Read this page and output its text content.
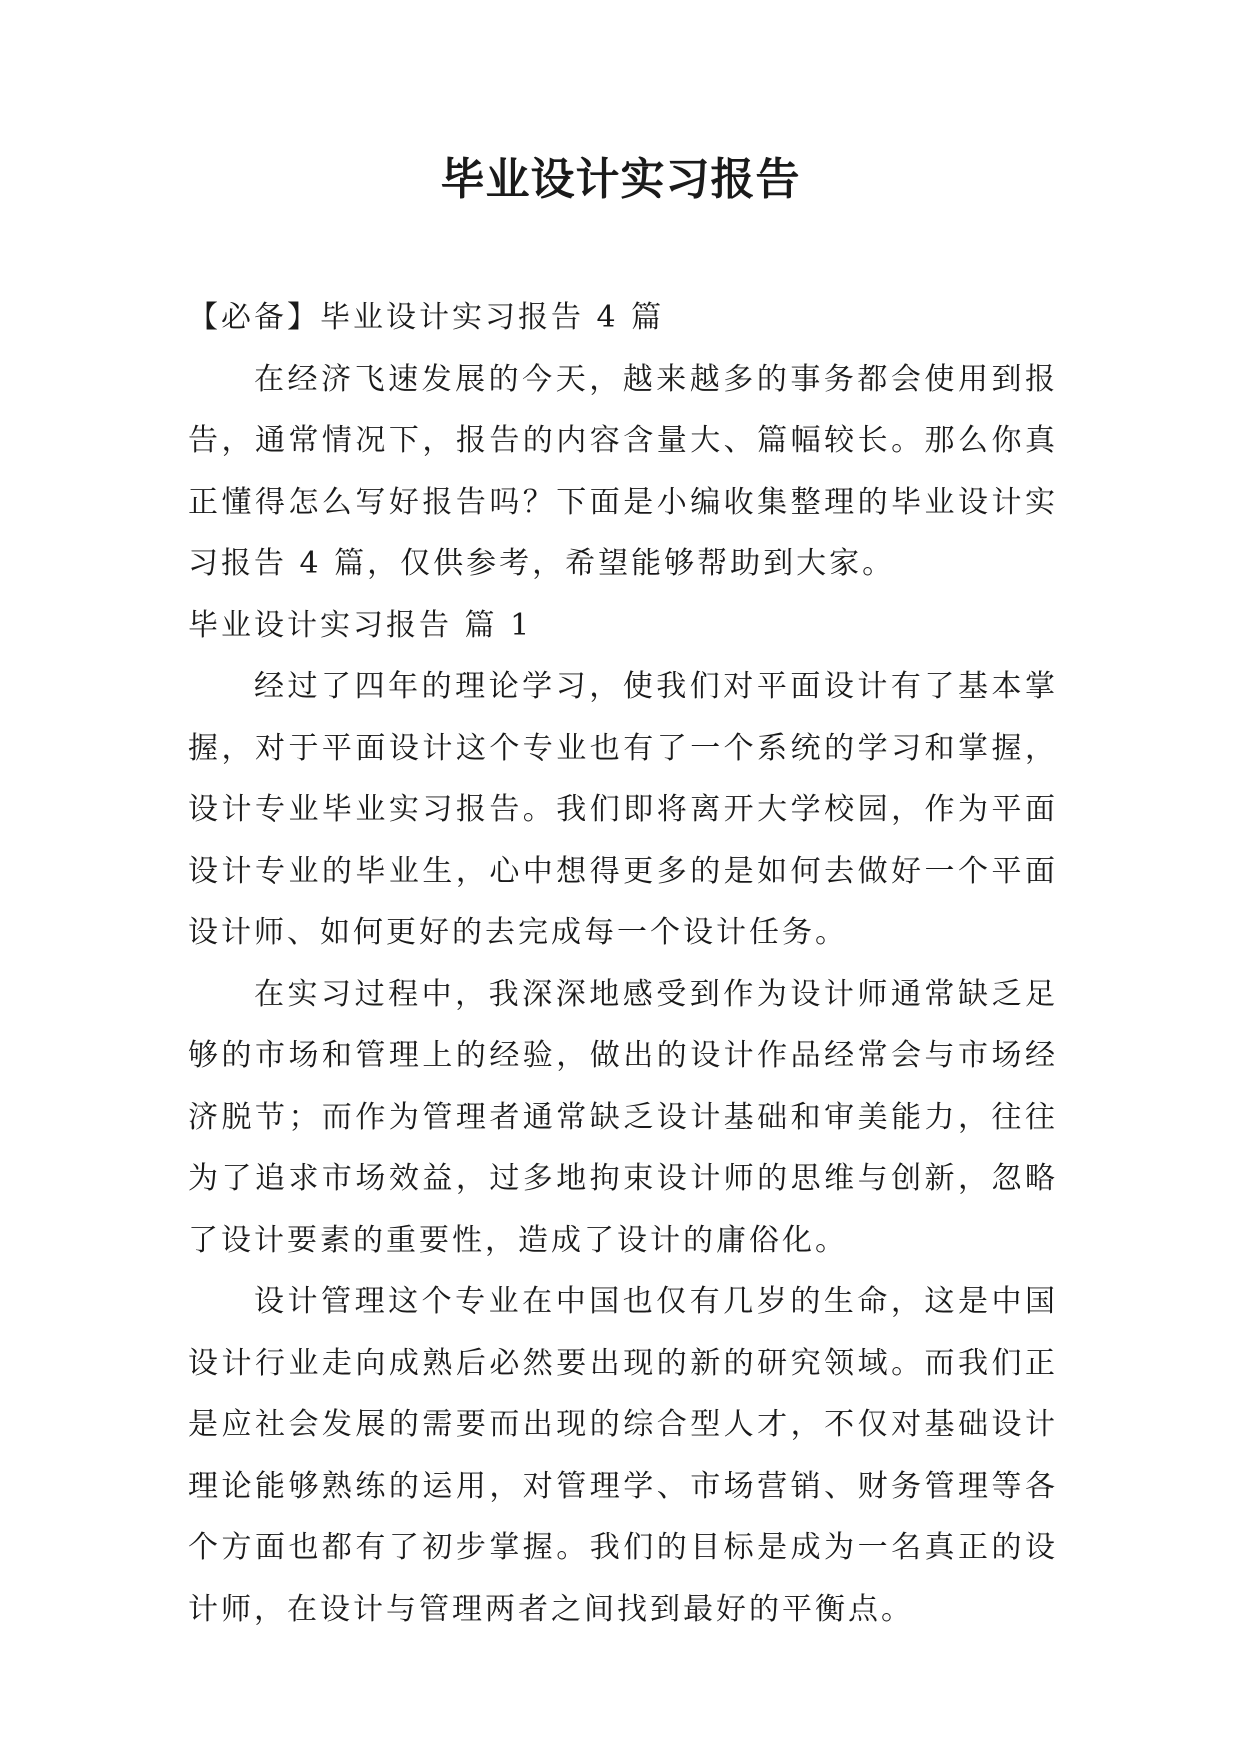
毕业设计实习报告

【必备】毕业设计实习报告 4 篇

在经济飞速发展的今天，越来越多的事务都会使用到报告，通常情况下，报告的内容含量大、篇幅较长。那么你真正懂得怎么写好报告吗？下面是小编收集整理的毕业设计实习报告 4 篇，仅供参考，希望能够帮助到大家。

毕业设计实习报告 篇 1

经过了四年的理论学习，使我们对平面设计有了基本掌握，对于平面设计这个专业也有了一个系统的学习和掌握，设计专业毕业实习报告。我们即将离开大学校园，作为平面设计专业的毕业生，心中想得更多的是如何去做好一个平面设计师、如何更好的去完成每一个设计任务。

在实习过程中，我深深地感受到作为设计师通常缺乏足够的市场和管理上的经验，做出的设计作品经常会与市场经济脱节；而作为管理者通常缺乏设计基础和审美能力，往往为了追求市场效益，过多地拘束设计师的思维与创新，忽略了设计要素的重要性，造成了设计的庸俗化。

设计管理这个专业在中国也仅有几岁的生命，这是中国设计行业走向成熟后必然要出现的新的研究领域。而我们正是应社会发展的需要而出现的综合型人才，不仅对基础设计理论能够熟练的运用，对管理学、市场营销、财务管理等各个方面也都有了初步掌握。我们的目标是成为一名真正的设计师，在设计与管理两者之间找到最好的平衡点。
